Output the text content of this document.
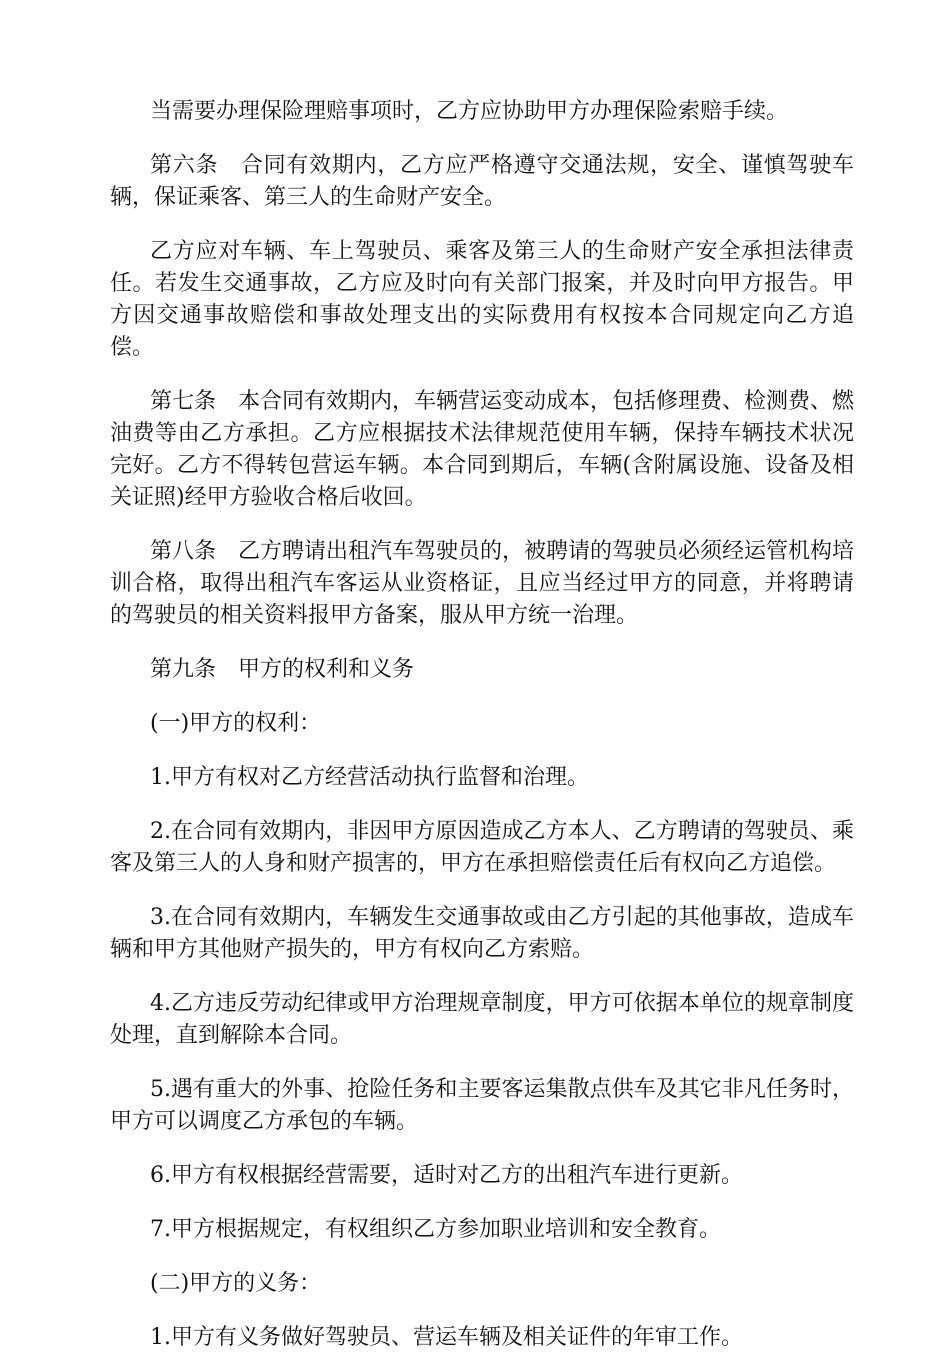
当需要办理保险理赔事项时，乙方应协助甲方办理保险索赔手续。

第六条　合同有效期内，乙方应严格遵守交通法规，安全、谨慎驾驶车辆，保证乘客、第三人的生命财产安全。

乙方应对车辆、车上驾驶员、乘客及第三人的生命财产安全承担法律责任。若发生交通事故，乙方应及时向有关部门报案，并及时向甲方报告。甲方因交通事故赔偿和事故处理支出的实际费用有权按本合同规定向乙方追偿。

第七条　本合同有效期内，车辆营运变动成本，包括修理费、检测费、燃油费等由乙方承担。乙方应根据技术法律规范使用车辆，保持车辆技术状况完好。乙方不得转包营运车辆。本合同到期后，车辆(含附属设施、设备及相关证照)经甲方验收合格后收回。

第八条　乙方聘请出租汽车驾驶员的，被聘请的驾驶员必须经运管机构培训合格，取得出租汽车客运从业资格证，且应当经过甲方的同意，并将聘请的驾驶员的相关资料报甲方备案，服从甲方统一治理。

第九条　甲方的权利和义务

(一)甲方的权利：

1.甲方有权对乙方经营活动执行监督和治理。

2.在合同有效期内，非因甲方原因造成乙方本人、乙方聘请的驾驶员、乘客及第三人的人身和财产损害的，甲方在承担赔偿责任后有权向乙方追偿。

3.在合同有效期内，车辆发生交通事故或由乙方引起的其他事故，造成车辆和甲方其他财产损失的，甲方有权向乙方索赔。

4.乙方违反劳动纪律或甲方治理规章制度，甲方可依据本单位的规章制度处理，直到解除本合同。

5.遇有重大的外事、抢险任务和主要客运集散点供车及其它非凡任务时，甲方可以调度乙方承包的车辆。

6.甲方有权根据经营需要，适时对乙方的出租汽车进行更新。

7.甲方根据规定，有权组织乙方参加职业培训和安全教育。

(二)甲方的义务：

1.甲方有义务做好驾驶员、营运车辆及相关证件的年审工作。
